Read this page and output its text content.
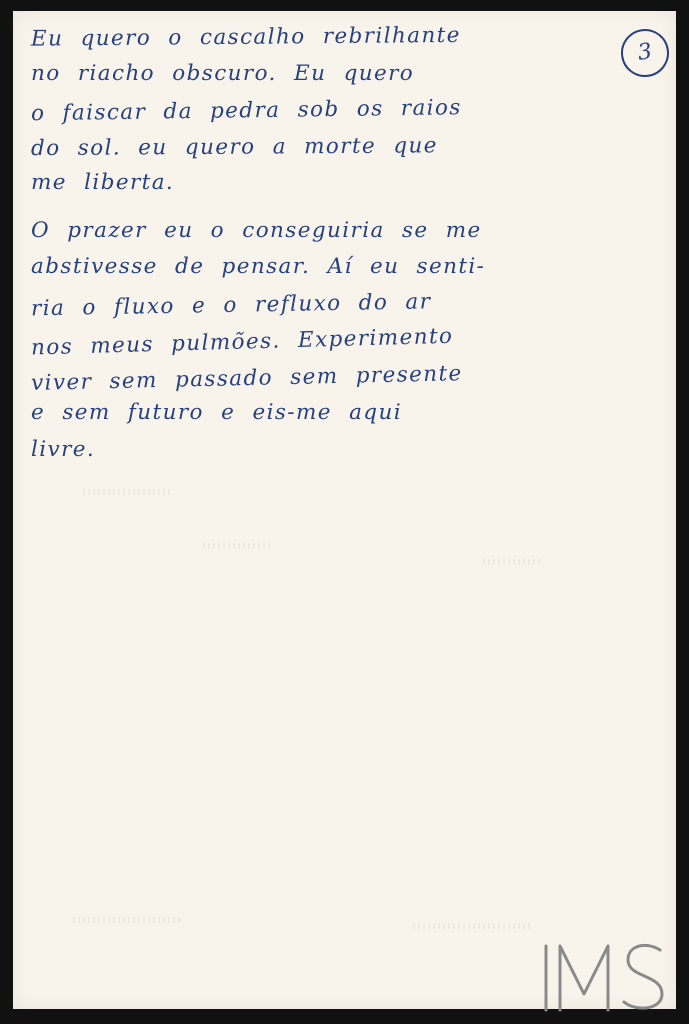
3
Eu quero o cascalho rebrilhante
no riacho obscuro. Eu quero
o faiscar da pedra sob os raios
do sol. eu quero a morte que
me liberta.
O prazer eu o conseguiria se me
abstivesse de pensar. Aí eu senti-
ria o fluxo e o refluxo do ar
nos meus pulmões. Experimento
viver sem passado sem presente
e sem futuro e eis-me aqui
livre.
